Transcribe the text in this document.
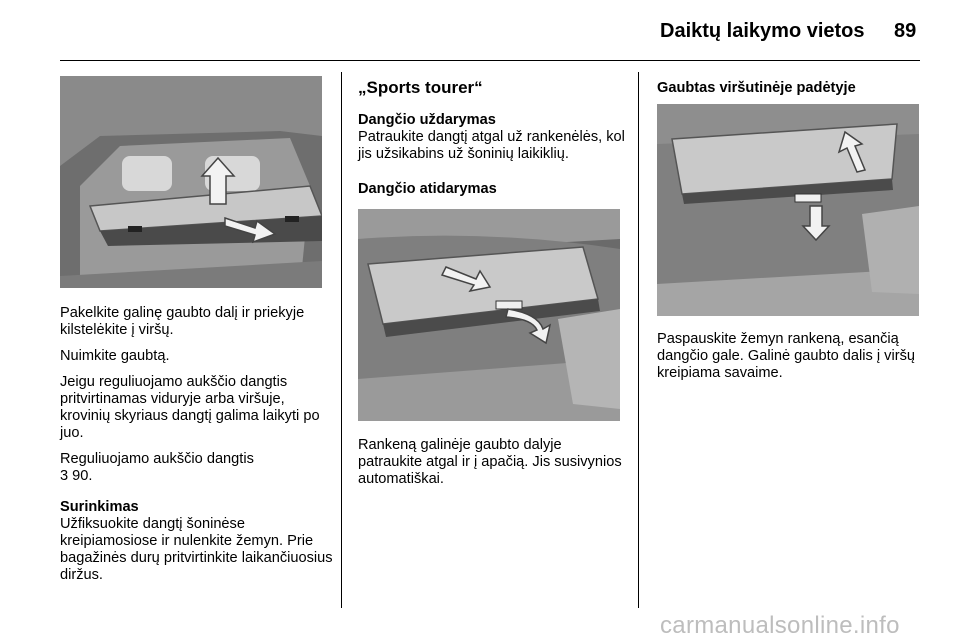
Daiktų laikymo vietos 89

Pakelkite galinę gaubto dalį ir priekyje kilstelėkite į viršų.

Nuimkite gaubtą.

Jeigu reguliuojamo aukščio dangtis pritvirtinamas viduryje arba viršuje, krovinių skyriaus dangtį galima laikyti po juo.

Reguliuojamo aukščio dangtis

3 90.

Surinkimas
Užfiksuokite dangtį šoninėse kreipiamosiose ir nulenkite žemyn. Prie bagažinės durų pritvirtinkite laikančiuosius diržus.
„Sports tourer“
Dangčio uždarymas
Patraukite dangtį atgal už rankenėlės, kol jis užsikabins už šoninių laikiklių.
Dangčio atidarymas
Rankeną galinėje gaubto dalyje patraukite atgal ir į apačią. Jis susivynios automatiškai.
Gaubtas viršutinėje padėtyje
Paspauskite žemyn rankeną, esančią dangčio gale. Galinė gaubto dalis į viršų kreipiama savaime.
carmanualsonline.info
